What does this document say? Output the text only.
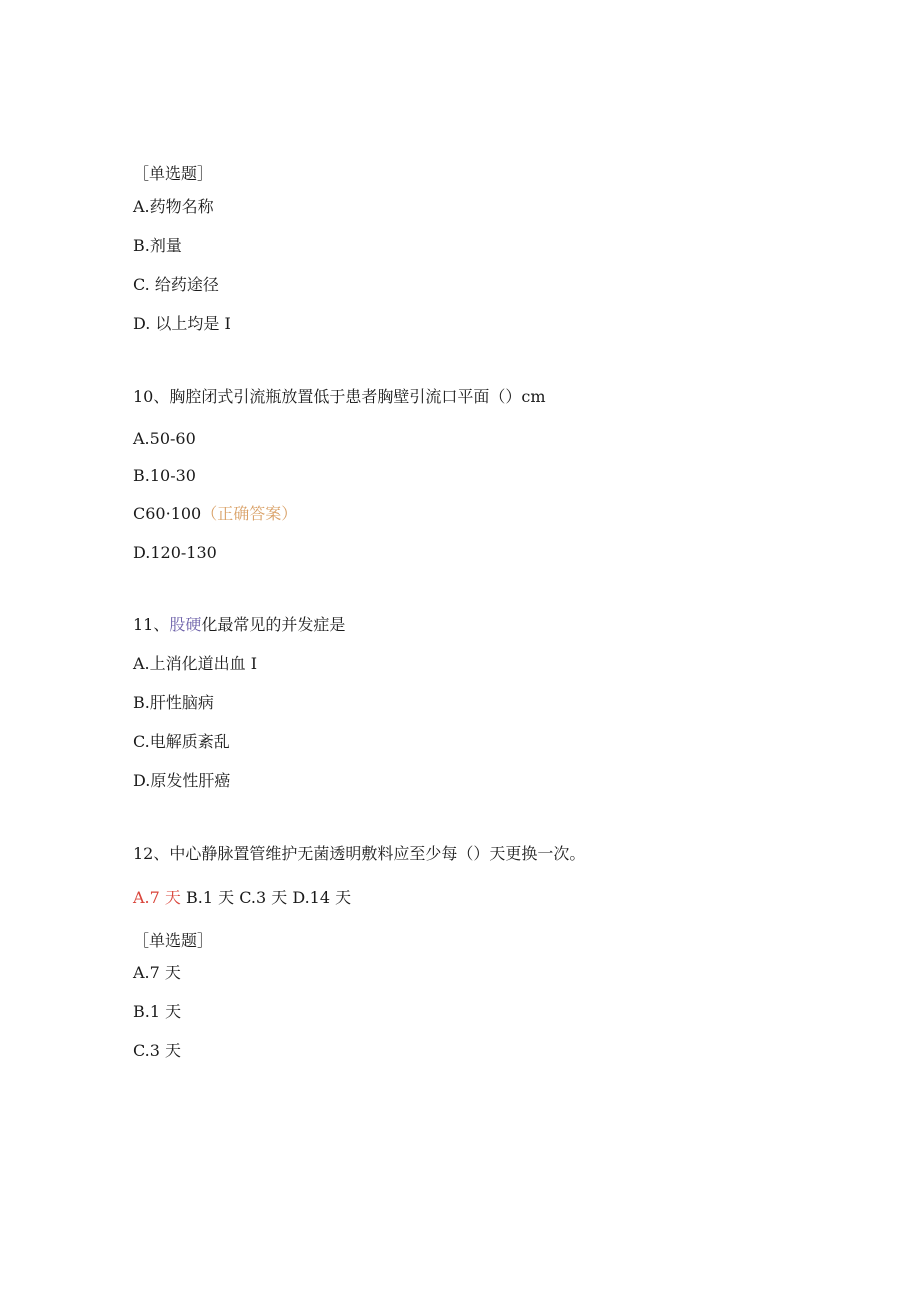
［单选题］
A.药物名称
B.剂量
C. 给药途径
D. 以上均是 I
10、胸腔闭式引流瓶放置低于患者胸壁引流口平面（）cm
A.50-60
B.10-30
C60·100（正确答案）
D.120-130
11、股硬化最常见的并发症是
A.上消化道出血 I
B.肝性脑病
C.电解质紊乱
D.原发性肝癌
12、中心静脉置管维护无菌透明敷料应至少每（）天更换一次。
A.7 天 B.1 天 C.3 天 D.14 天
［单选题］
A.7 天
B.1 天
C.3 天
